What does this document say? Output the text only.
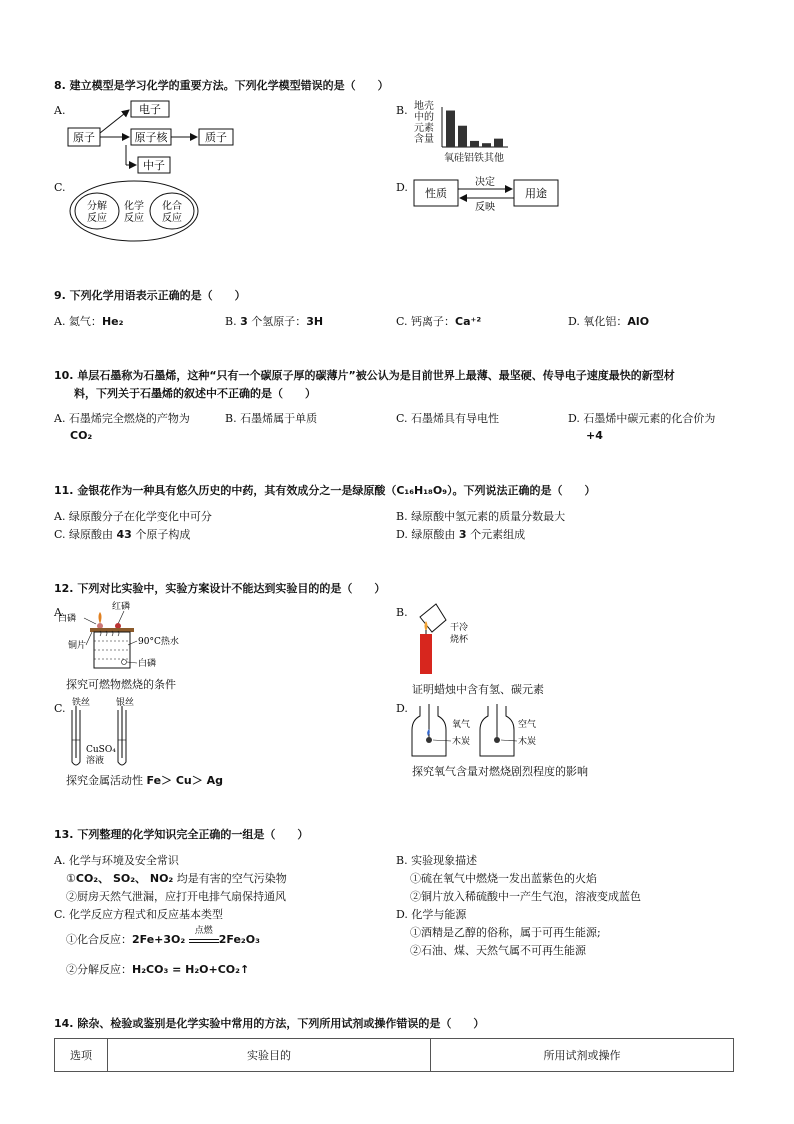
8. 建立模型是学习化学的重要方法。下列化学模型错误的是（　　）
A.
原子
电子
原子核	质子
中子
B. 地壳
中的
元素
含量
氧硅铝铁其他
C.
分解
反应
化学
反应
化合
反应
D. 性质	用途
决定
反映
9. 下列化学用语表示正确的是（　　）
A. 氦气：He₂	B. 3 个氢原子：3H	C. 钙离子：Ca⁺²	D. 氧化铝：AlO
10. 单层石墨称为石墨烯，这种“只有一个碳原子厚的碳薄片”被公认为是目前世界上最薄、最坚硬、传导电子速度最快的新型材
料，下列关于石墨烯的叙述中不正确的是（　　）
A. 石墨烯完全燃烧的产物为
CO₂
B. 石墨烯属于单质	C. 石墨烯具有导电性	D. 石墨烯中碳元素的化合价为
+4
11. 金银花作为一种具有悠久历史的中药，其有效成分之一是绿原酸（C₁₆H₁₈O₉）。下列说法正确的是（　　）
A. 绿原酸分子在化学变化中可分	B. 绿原酸中氢元素的质量分数最大
C. 绿原酸由 43 个原子构成	D. 绿原酸由 3 个元素组成
12. 下列对比实验中，实验方案设计不能达到实验目的的是（　　）
A.	红磷
白磷
铜片	90°C热水
白磷
探究可燃物燃烧的条件
B.
干冷
烧杯
证明蜡烛中含有氢、碳元素
C. 铁丝	银丝
CuSO₄
溶液
探究金属活动性 Fe＞ Cu＞ Ag
D.
氧气
木炭
空气
木炭
探究氧气含量对燃烧剧烈程度的影响
13. 下列整理的化学知识完全正确的一组是（　　）
A. 化学与环境及安全常识
①CO₂、 SO₂、 NO₂ 均是有害的空气污染物
②厨房天然气泄漏，应打开电排气扇保持通风
B. 实验现象描述
①硫在氧气中燃烧一发出蓝紫色的火焰
②铜片放入稀硫酸中一产生气泡，溶液变成蓝色
C. 化学反应方程式和反应基本类型
①化合反应：2Fe+3O₂
点燃
2Fe₂O₃
②分解反应：H₂CO₃ = H₂O+CO₂↑
D. 化学与能源
①酒精是乙醇的俗称，属于可再生能源;
②石油、煤、天然气属不可再生能源
14. 除杂、检验或鉴别是化学实验中常用的方法，下列所用试剂或操作错误的是（　　）
选项	实验目的	所用试剂或操作
